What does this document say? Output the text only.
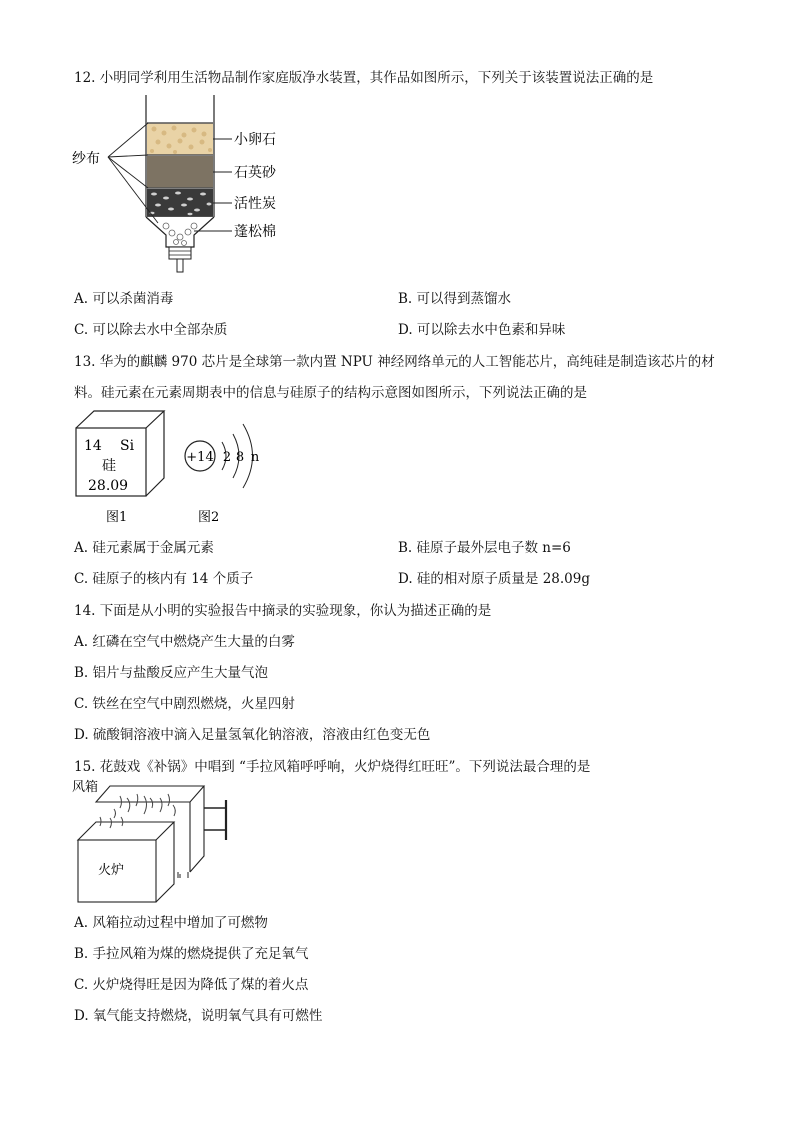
12. 小明同学利用生活物品制作家庭版净水装置，其作品如图所示，下列关于该装置说法正确的是
纱布
小卵石
石英砂
活性炭
蓬松棉
A. 可以杀菌消毒	B. 可以得到蒸馏水
C. 可以除去水中全部杂质	D. 可以除去水中色素和异味
13. 华为的麒麟 970 芯片是全球第一款内置 NPU 神经网络单元的人工智能芯片，高纯硅是制造该芯片的材
料。硅元素在元素周期表中的信息与硅原子的结构示意图如图所示，下列说法正确的是
14 Si
硅
28.09
+14 2 8 n
图1	图2
A. 硅元素属于金属元素	B. 硅原子最外层电子数 n=6
C. 硅原子的核内有 14 个质子	D. 硅的相对原子质量是 28.09g
14. 下面是从小明的实验报告中摘录的实验现象，你认为描述正确的是
A. 红磷在空气中燃烧产生大量的白雾
B. 铝片与盐酸反应产生大量气泡
C. 铁丝在空气中剧烈燃烧，火星四射
D. 硫酸铜溶液中滴入足量氢氧化钠溶液，溶液由红色变无色
15. 花鼓戏《补锅》中唱到 “手拉风箱呼呼响，火炉烧得红旺旺”。下列说法最合理的是
风箱
火炉
A. 风箱拉动过程中增加了可燃物
B. 手拉风箱为煤的燃烧提供了充足氧气
C. 火炉烧得旺是因为降低了煤的着火点
D. 氧气能支持燃烧，说明氧气具有可燃性
